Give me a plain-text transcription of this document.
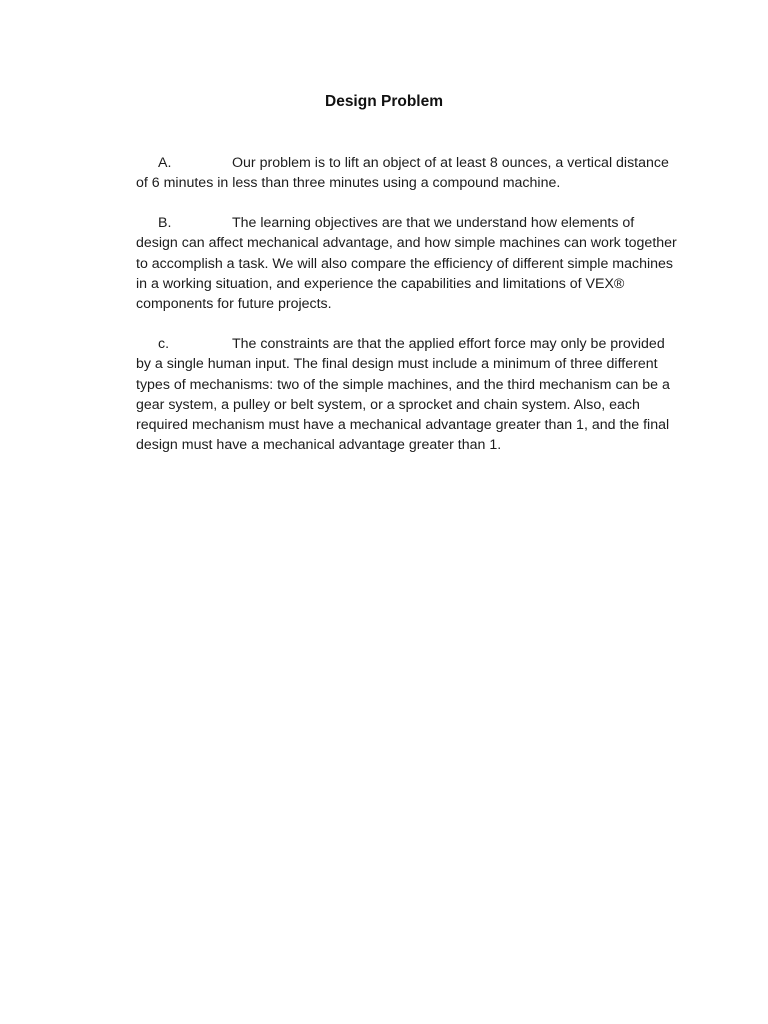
Design Problem
A.	Our problem is to lift an object of at least 8 ounces, a vertical distance
of 6 minutes in less than three minutes using a compound machine.
B.	The learning objectives are that we understand how elements of
design can affect mechanical advantage, and how simple machines can work together to accomplish a task. We will also compare the efficiency of different simple machines in a working situation, and experience the capabilities and limitations of VEX® components for future projects.
c.	The constraints are that the applied effort force may only be provided
by a single human input. The final design must include a minimum of three different types of mechanisms: two of the simple machines, and the third mechanism can be a gear system, a pulley or belt system, or a sprocket and chain system. Also, each required mechanism must have a mechanical advantage greater than 1, and the final design must have a mechanical advantage greater than 1.
